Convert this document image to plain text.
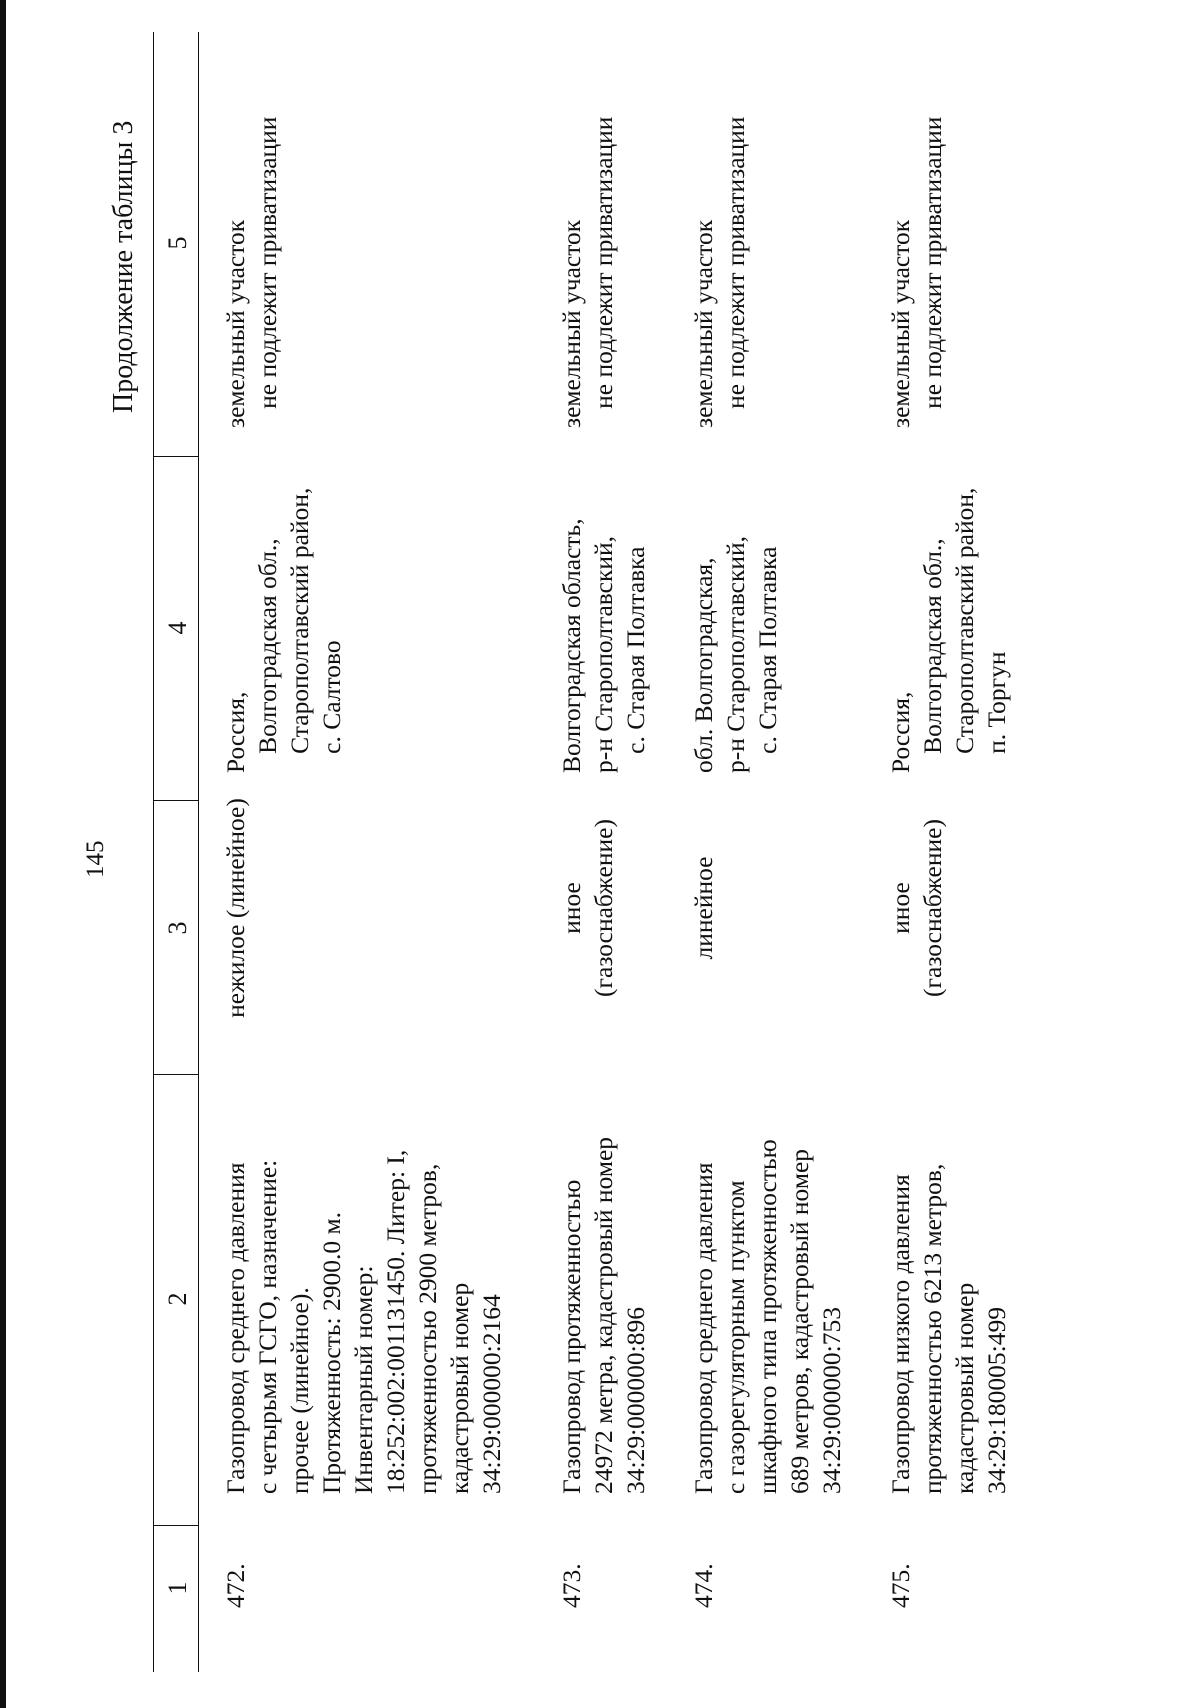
145
Продолжение таблицы 3
1
2
3
4
5
472.
Газопровод среднего давления
с четырьмя ГСГО, назначение:
прочее (линейное).
Протяженность: 2900.0 м.
Инвентарный номер:
18:252:002:001131450. Литер: I,
протяженностью 2900 метров,
кадастровый номер
34:29:000000:2164
нежилое (линейное)
Россия,
Волгоградская обл.,
Старополтавский район,
с. Салтово
земельный участок
не подлежит приватизации
473.
Газопровод протяженностью
24972 метра, кадастровый номер
34:29:000000:896
иное
(газоснабжение)
Волгоградская область,
р-н Старополтавский,
с. Старая Полтавка
земельный участок
не подлежит приватизации
474.
Газопровод среднего давления
с газорегуляторным пунктом
шкафного типа протяженностью
689 метров, кадастровый номер
34:29:000000:753
линейное
обл. Волгоградская,
р-н Старополтавский,
с. Старая Полтавка
земельный участок
не подлежит приватизации
475.
Газопровод низкого давления
протяженностью 6213 метров,
кадастровый номер
34:29:180005:499
иное
(газоснабжение)
Россия,
Волгоградская обл.,
Старополтавский район,
п. Торгун
земельный участок
не подлежит приватизации
